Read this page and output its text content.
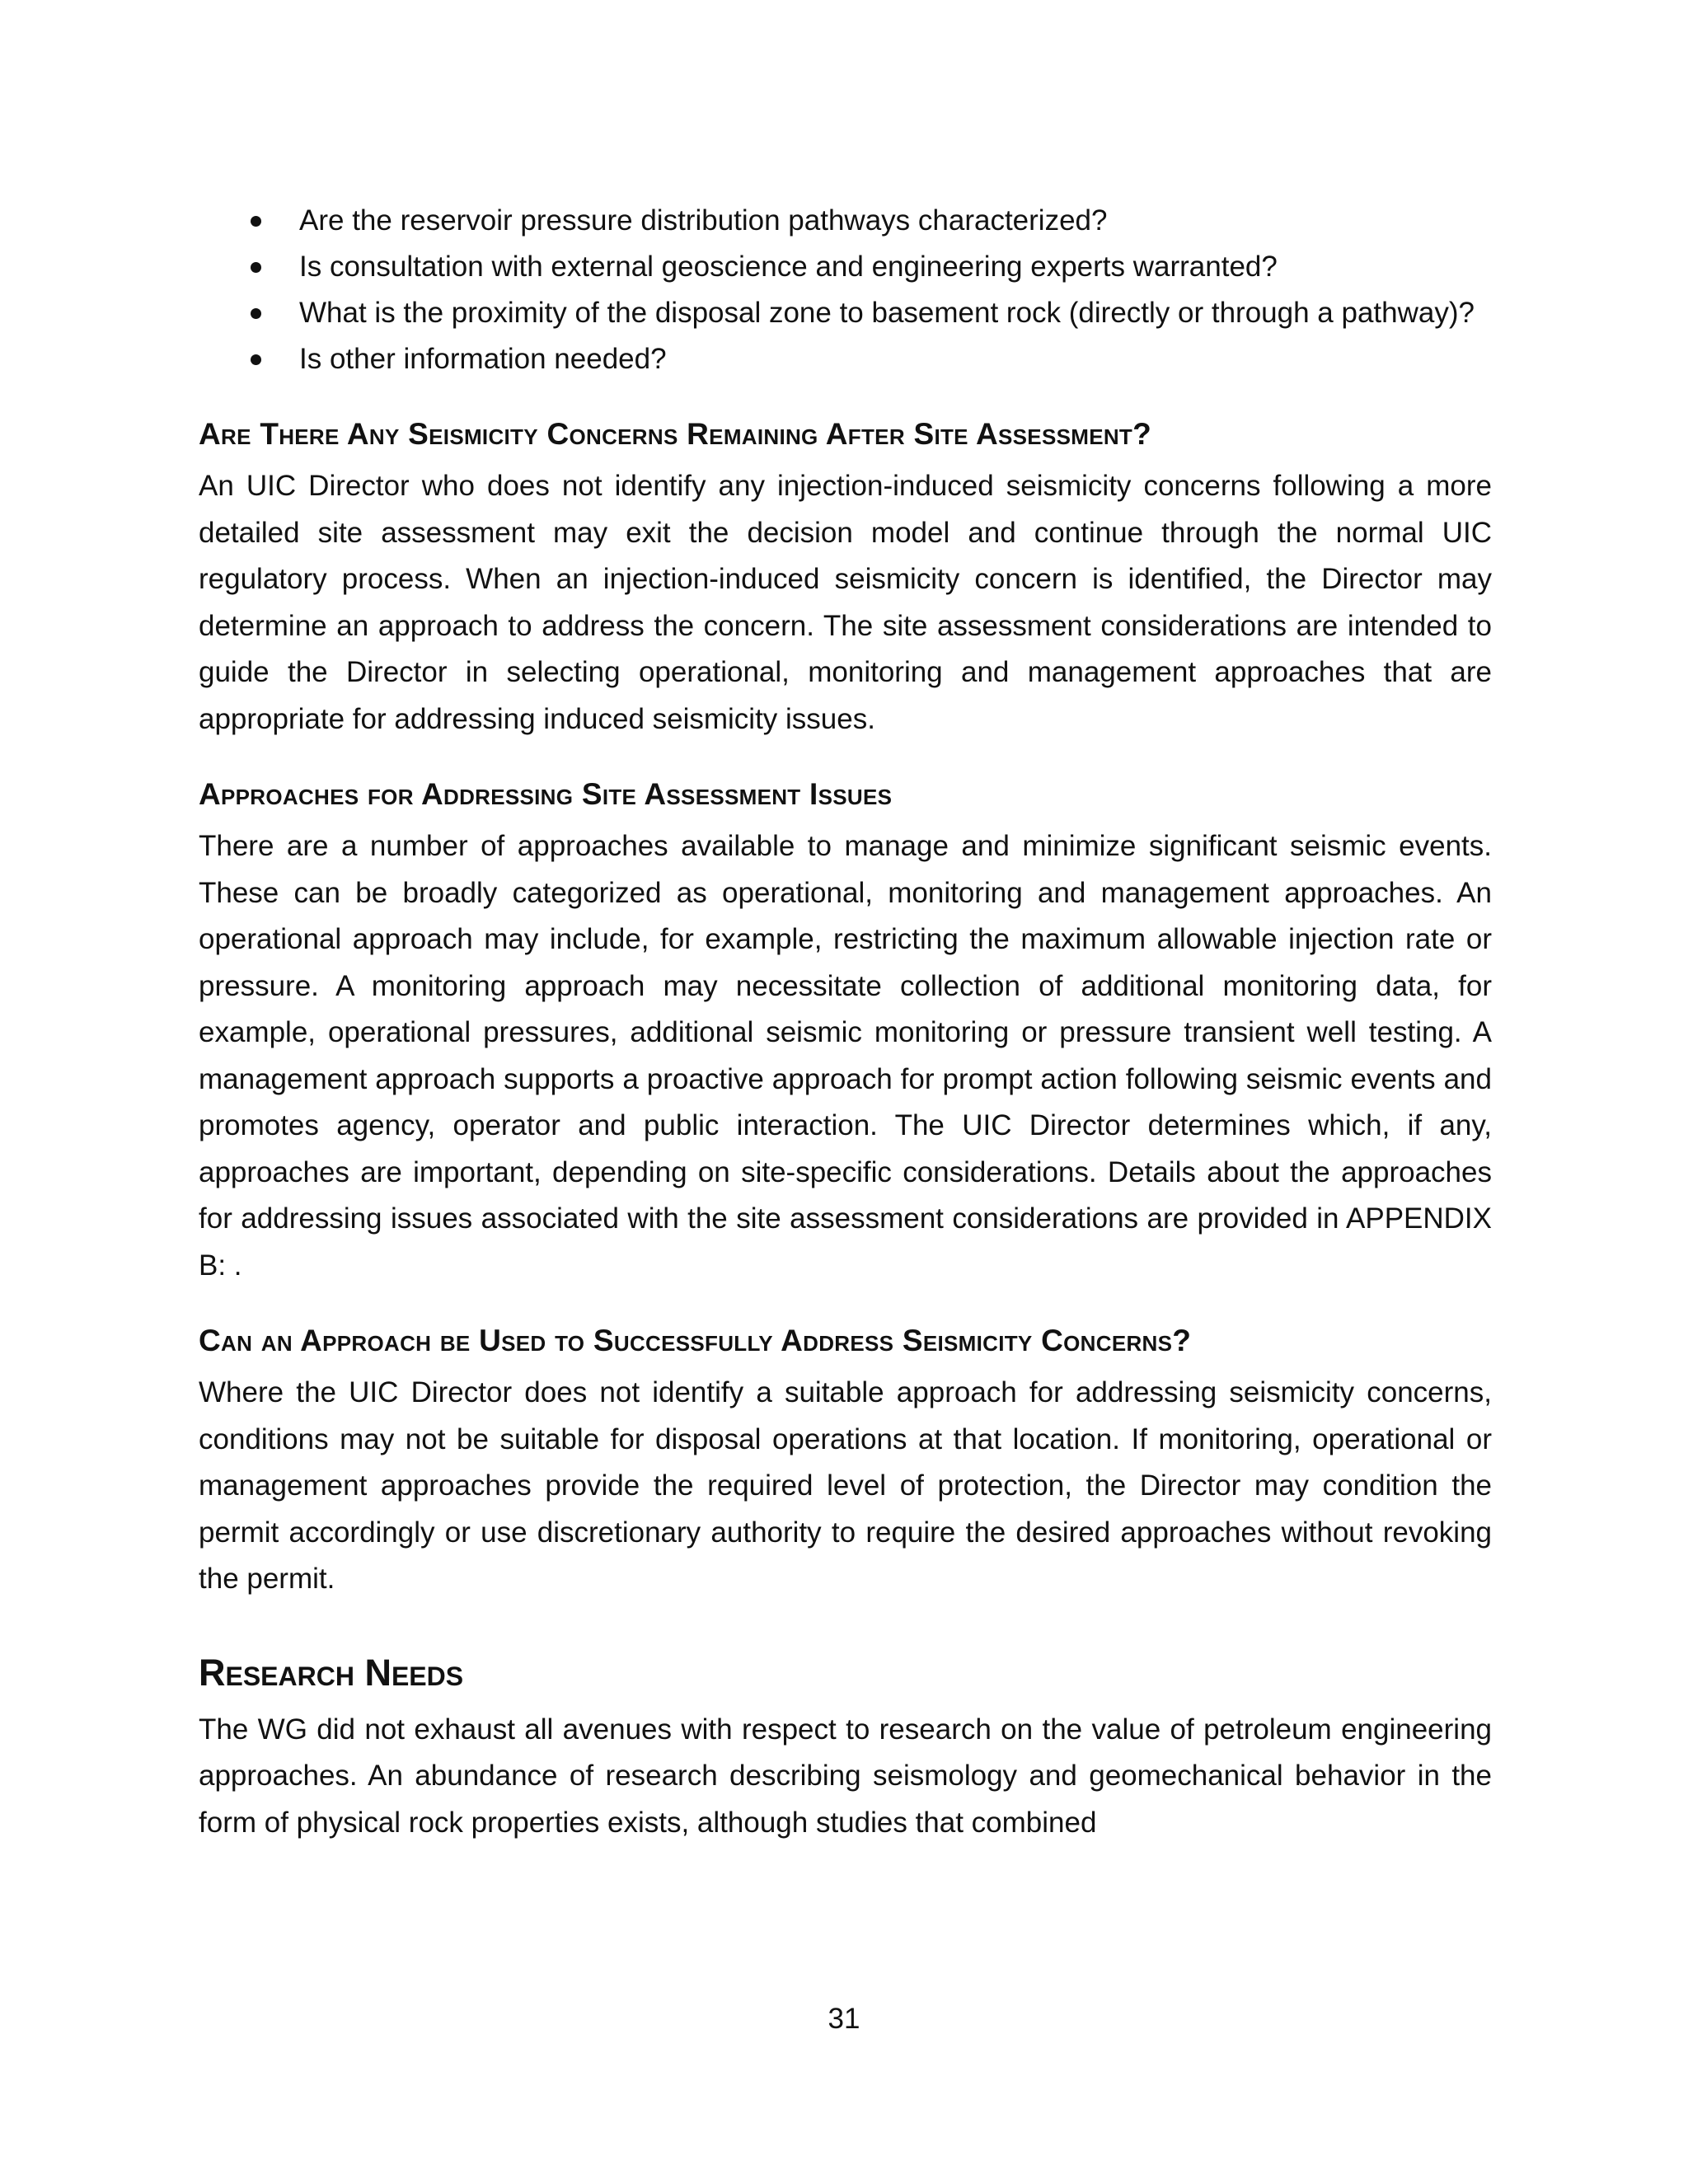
Are the reservoir pressure distribution pathways characterized?
Is consultation with external geoscience and engineering experts warranted?
What is the proximity of the disposal zone to basement rock (directly or through a pathway)?
Is other information needed?
Are There Any Seismicity Concerns Remaining After Site Assessment?

An UIC Director who does not identify any injection-induced seismicity concerns following a more detailed site assessment may exit the decision model and continue through the normal UIC regulatory process. When an injection-induced seismicity concern is identified, the Director may determine an approach to address the concern. The site assessment considerations are intended to guide the Director in selecting operational, monitoring and management approaches that are appropriate for addressing induced seismicity issues.

Approaches for Addressing Site Assessment Issues

There are a number of approaches available to manage and minimize significant seismic events. These can be broadly categorized as operational, monitoring and management approaches. An operational approach may include, for example, restricting the maximum allowable injection rate or pressure. A monitoring approach may necessitate collection of additional monitoring data, for example, operational pressures, additional seismic monitoring or pressure transient well testing. A management approach supports a proactive approach for prompt action following seismic events and promotes agency, operator and public interaction. The UIC Director determines which, if any, approaches are important, depending on site-specific considerations. Details about the approaches for addressing issues associated with the site assessment considerations are provided in APPENDIX B: .

Can an Approach be Used to Successfully Address Seismicity Concerns?

Where the UIC Director does not identify a suitable approach for addressing seismicity concerns, conditions may not be suitable for disposal operations at that location. If monitoring, operational or management approaches provide the required level of protection, the Director may condition the permit accordingly or use discretionary authority to require the desired approaches without revoking the permit.

Research Needs

The WG did not exhaust all avenues with respect to research on the value of petroleum engineering approaches. An abundance of research describing seismology and geomechanical behavior in the form of physical rock properties exists, although studies that combined

31
